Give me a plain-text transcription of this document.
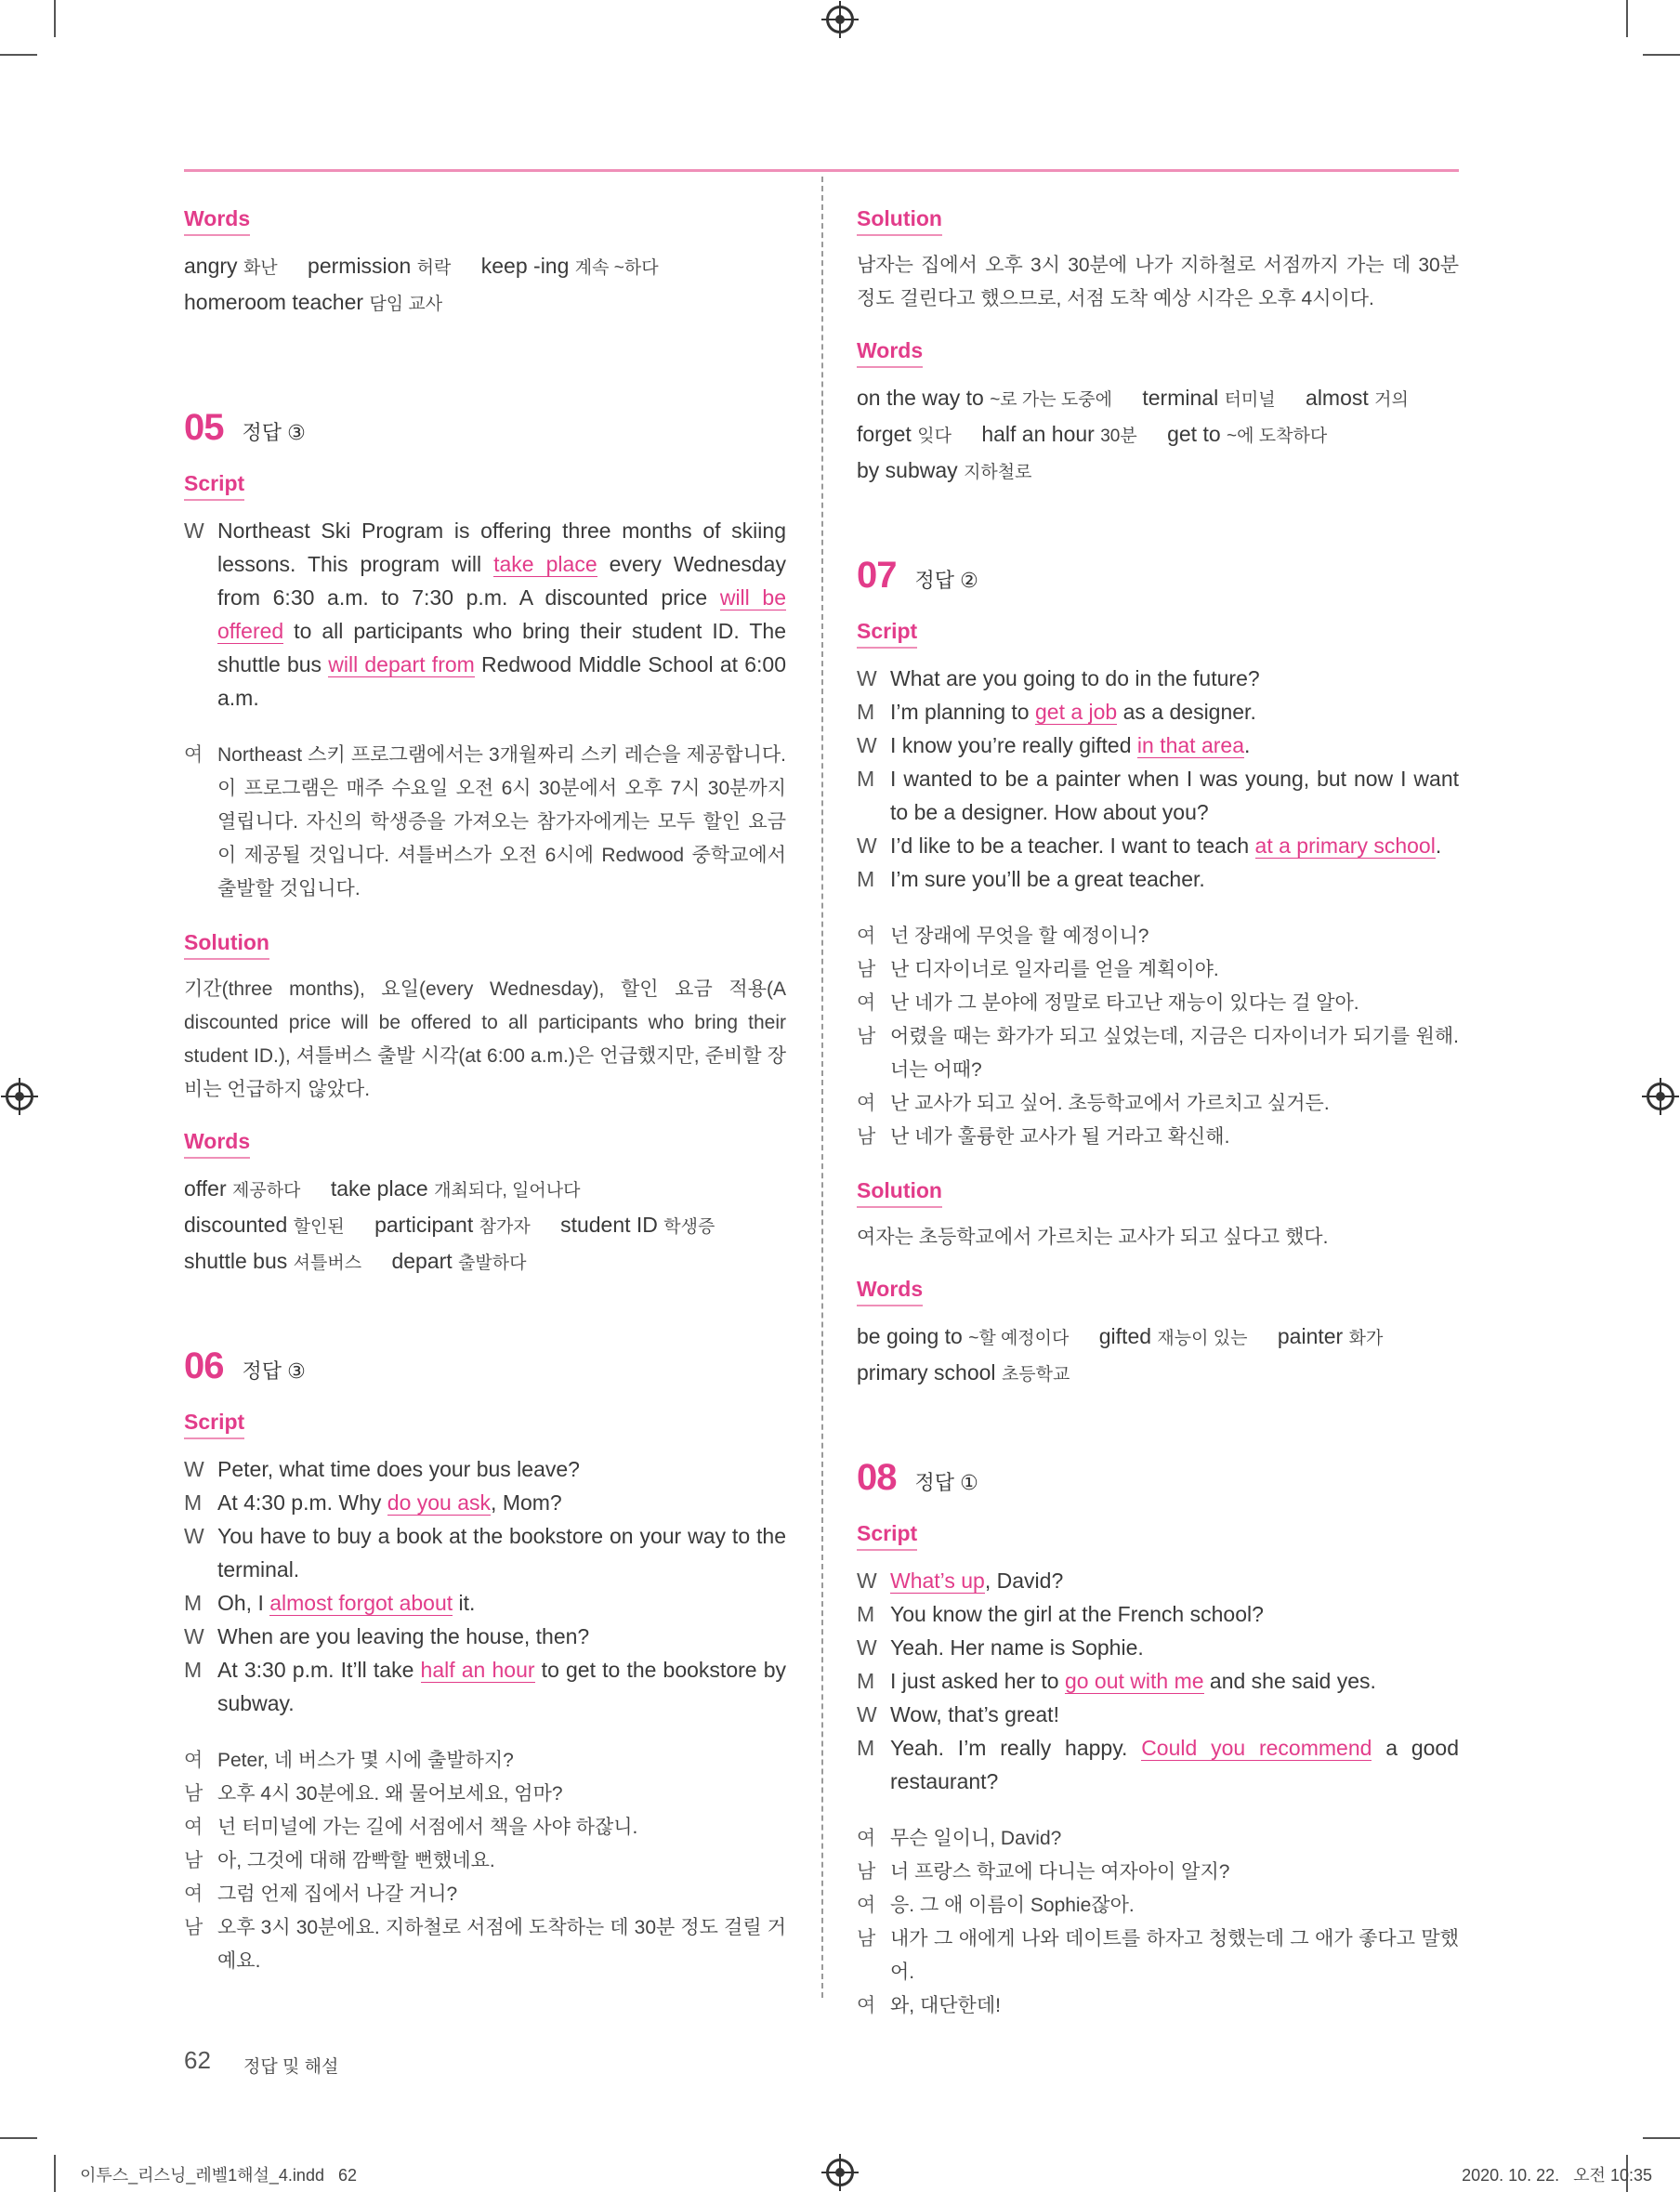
Words
angry 화난 permission 허락 keep -ing 계속 ~하다 homeroom teacher 담임 교사
05 정답 ③
Script
W Northeast Ski Program is offering three months of skiing lessons. This program will take place every Wednesday from 6:30 a.m. to 7:30 p.m. A discounted price will be offered to all participants who bring their student ID. The shuttle bus will depart from Redwood Middle School at 6:00 a.m.
여 Northeast 스키 프로그램에서는 3개월짜리 스키 레슨을 제공합니다. 이 프로그램은 매주 수요일 오전 6시 30분에서 오후 7시 30분까지 열립니다. 자신의 학생증을 가져오는 참가자에게는 모두 할인 요금이 제공될 것입니다. 셔틀버스가 오전 6시에 Redwood 중학교에서 출발할 것입니다.
Solution
기간(three months), 요일(every Wednesday), 할인 요금 적용(A discounted price will be offered to all participants who bring their student ID.), 셔틀버스 출발 시각(at 6:00 a.m.)은 언급했지만, 준비할 장비는 언급하지 않았다.
Words
offer 제공하다 take place 개최되다, 일어나다 discounted 할인된 participant 참가자 student ID 학생증 shuttle bus 셔틀버스 depart 출발하다
06 정답 ③
Script
W Peter, what time does your bus leave?
M At 4:30 p.m. Why do you ask, Mom?
W You have to buy a book at the bookstore on your way to the terminal.
M Oh, I almost forgot about it.
W When are you leaving the house, then?
M At 3:30 p.m. It’ll take half an hour to get to the bookstore by subway.
여 Peter, 네 버스가 몇 시에 출발하지?
남 오후 4시 30분에요. 왜 물어보세요, 엄마?
여 넌 터미널에 가는 길에 서점에서 책을 사야 하잖니.
남 아, 그것에 대해 깜빡할 뻔했네요.
여 그럼 언제 집에서 나갈 거니?
남 오후 3시 30분에요. 지하철로 서점에 도착하는 데 30분 정도 걸릴 거예요.
Solution
남자는 집에서 오후 3시 30분에 나가 지하철로 서점까지 가는 데 30분 정도 걸린다고 했으므로, 서점 도착 예상 시각은 오후 4시이다.
Words
on the way to ~로 가는 도중에 terminal 터미널 almost 거의 forget 잊다 half an hour 30분 get to ~에 도착하다 by subway 지하철로
07 정답 ②
Script
W What are you going to do in the future?
M I’m planning to get a job as a designer.
W I know you’re really gifted in that area.
M I wanted to be a painter when I was young, but now I want to be a designer. How about you?
W I’d like to be a teacher. I want to teach at a primary school.
M I’m sure you’ll be a great teacher.
여 넌 장래에 무엇을 할 예정이니?
남 난 디자이너로 일자리를 얻을 계획이야.
여 난 네가 그 분야에 정말로 타고난 재능이 있다는 걸 알아.
남 어렸을 때는 화가가 되고 싶었는데, 지금은 디자이너가 되기를 원해. 너는 어때?
여 난 교사가 되고 싶어. 초등학교에서 가르치고 싶거든.
남 난 네가 훌륭한 교사가 될 거라고 확신해.
Solution
여자는 초등학교에서 가르치는 교사가 되고 싶다고 했다.
Words
be going to ~할 예정이다 gifted 재능이 있는 painter 화가 primary school 초등학교
08 정답 ①
Script
W What’s up, David?
M You know the girl at the French school?
W Yeah. Her name is Sophie.
M I just asked her to go out with me and she said yes.
W Wow, that’s great!
M Yeah. I’m really happy. Could you recommend a good restaurant?
여 무슨 일이니, David?
남 너 프랑스 학교에 다니는 여자아이 알지?
여 응. 그 애 이름이 Sophie잖아.
남 내가 그 애에게 나와 데이트를 하자고 청했는데 그 애가 좋다고 말했어.
여 와, 대단한데!
62 정답 및 해설
이투스_리스닝_레벨1해설_4.indd   62	2020. 10. 22.   오전 10:35
